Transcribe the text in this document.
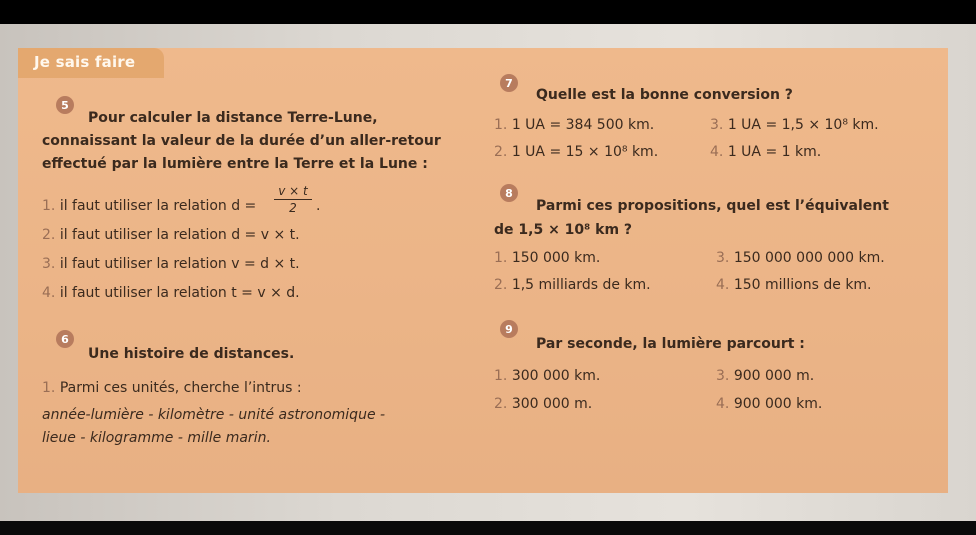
Je sais faire
5
Pour calculer la distance Terre-Lune,
connaissant la valeur de la durée d’un aller-retour
effectué par la lumière entre la Terre et la Lune :
1. il faut utiliser la relation d =
v × t
2	.
2. il faut utiliser la relation d = v × t.
3. il faut utiliser la relation v = d × t.
4. il faut utiliser la relation t = v × d.
6
Une histoire de distances.
1. Parmi ces unités, cherche l’intrus :
année-lumière - kilomètre - unité astronomique -
lieue - kilogramme - mille marin.
7
Quelle est la bonne conversion ?
1. 1 UA = 384 500 km.	3. 1 UA = 1,5 × 10⁸ km.
2. 1 UA = 15 × 10⁸ km.	4. 1 UA = 1 km.
8
Parmi ces propositions, quel est l’équivalent
de 1,5 × 10⁸ km ?
1. 150 000 km.	3. 150 000 000 000 km.
2. 1,5 milliards de km.	4. 150 millions de km.
9
Par seconde, la lumière parcourt :
1. 300 000 km.	3. 900 000 m.
2. 300 000 m.	4. 900 000 km.
